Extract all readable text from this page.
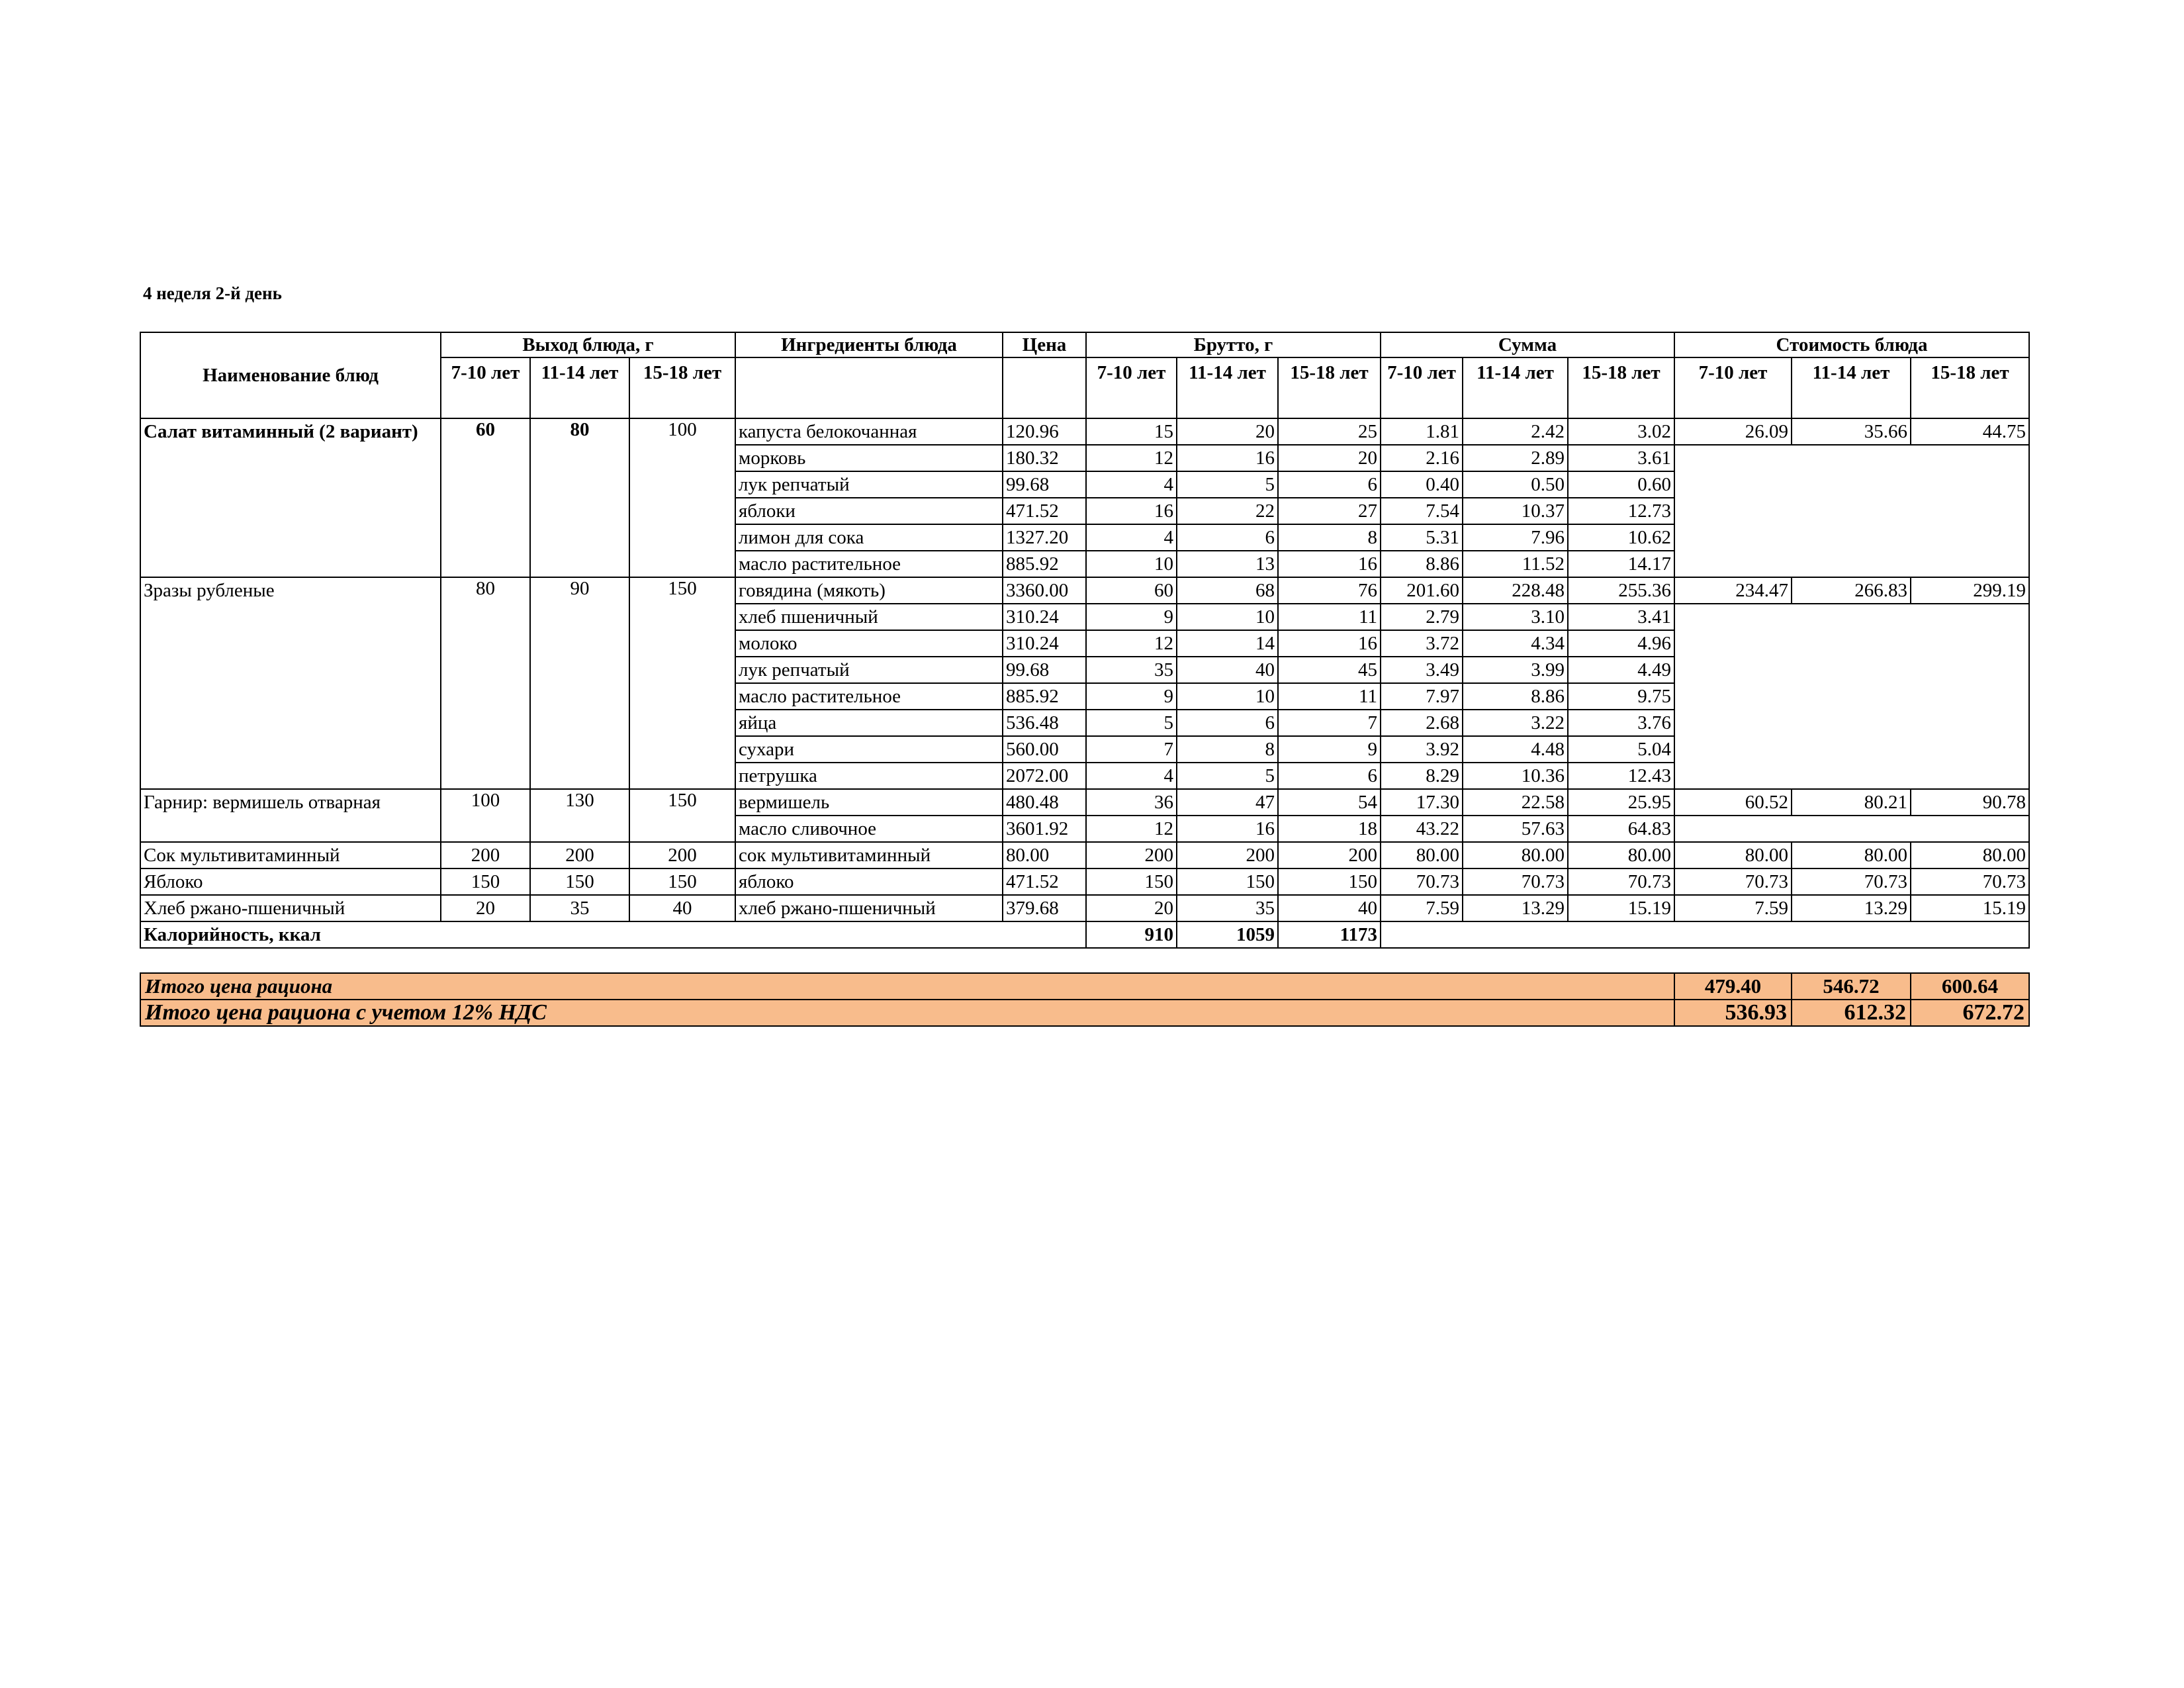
4 неделя 2-й день
Наименование блюд	Выход блюда, г			Ингредиенты блюда	Цена	Брутто, г			Сумма			Стоимость блюда		
	7-10 лет	11-14 лет	15-18 лет			7-10 лет	11-14 лет	15-18 лет	7-10 лет	11-14 лет	15-18 лет	7-10 лет	11-14 лет	15-18 лет
Салат витаминный (2 вариант)	60	80	100	капуста белокочанная	120.96	15	20	25	1.81	2.42	3.02	26.09	35.66	44.75
				морковь	180.32	12	16	20	2.16	2.89	3.61			
				лук репчатый	99.68	4	5	6	0.40	0.50	0.60			
				яблоки	471.52	16	22	27	7.54	10.37	12.73			
				лимон для сока	1327.20	4	6	8	5.31	7.96	10.62			
				масло растительное	885.92	10	13	16	8.86	11.52	14.17			
Зразы рубленые	80	90	150	говядина (мякоть)	3360.00	60	68	76	201.60	228.48	255.36	234.47	266.83	299.19
				хлеб пшеничный	310.24	9	10	11	2.79	3.10	3.41			
				молоко	310.24	12	14	16	3.72	4.34	4.96			
				лук репчатый	99.68	35	40	45	3.49	3.99	4.49			
				масло растительное	885.92	9	10	11	7.97	8.86	9.75			
				яйца	536.48	5	6	7	2.68	3.22	3.76			
				сухари	560.00	7	8	9	3.92	4.48	5.04			
				петрушка	2072.00	4	5	6	8.29	10.36	12.43			
Гарнир: вермишель отварная	100	130	150	вермишель	480.48	36	47	54	17.30	22.58	25.95	60.52	80.21	90.78
				масло сливочное	3601.92	12	16	18	43.22	57.63	64.83			
Сок мультивитаминный	200	200	200	сок мультивитаминный	80.00	200	200	200	80.00	80.00	80.00	80.00	80.00	80.00
Яблоко	150	150	150	яблоко	471.52	150	150	150	70.73	70.73	70.73	70.73	70.73	70.73
Хлеб ржано-пшеничный	20	35	40	хлеб ржано-пшеничный	379.68	20	35	40	7.59	13.29	15.19	7.59	13.29	15.19
Калорийность, ккал						910	1059	1173						
Итого цена рациона	479.40	546.72	600.64
Итого цена рациона с учетом 12% НДС	536.93	612.32	672.72
